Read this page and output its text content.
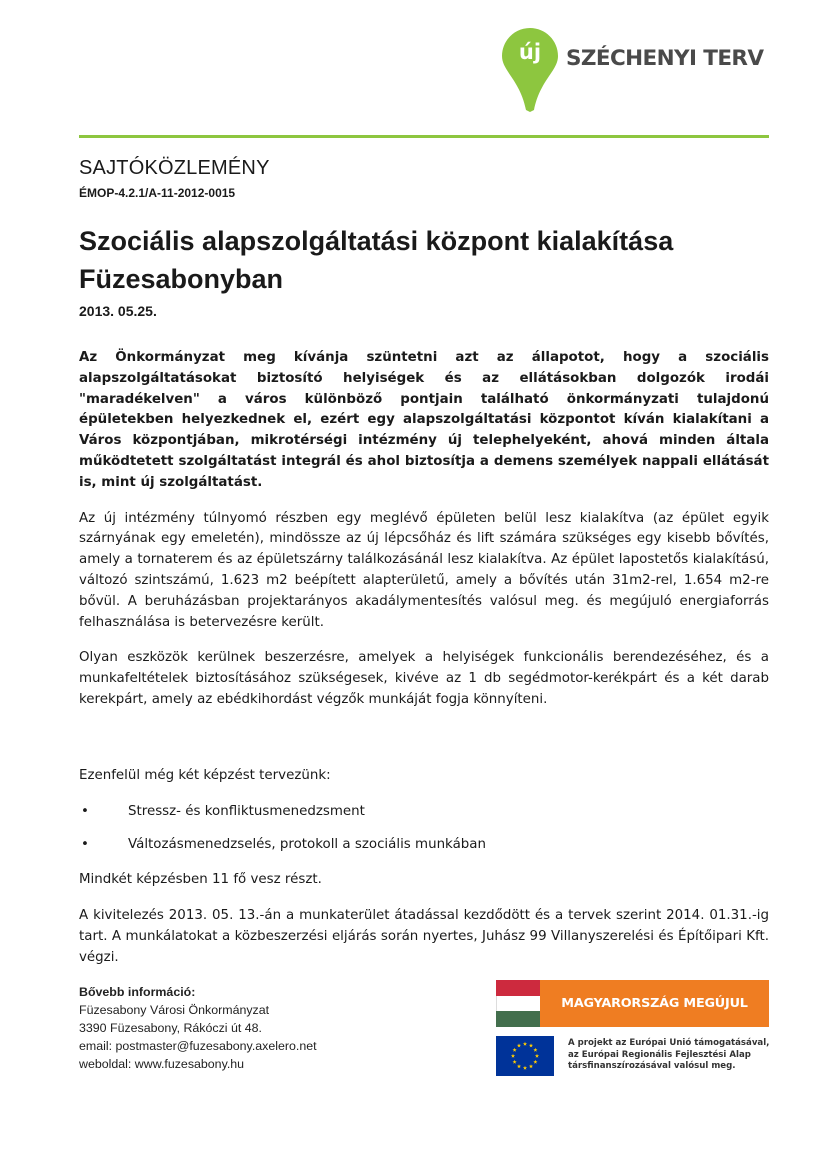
új	SZÉCHENYI TERV
SAJTÓKÖZLEMÉNY
ÉMOP-4.2.1/A-11-2012-0015
Szociális alapszolgáltatási központ kialakítása
Füzesabonyban
2013. 05.25.

Az Önkormányzat meg kívánja szüntetni azt az állapotot, hogy a szociális alapszolgáltatásokat biztosító helyiségek és az ellátásokban dolgozók irodái "maradékelven" a város különböző pontjain található önkormányzati tulajdonú épületekben helyezkednek el, ezért egy alapszolgáltatási központot kíván kialakítani a Város központjában, mikrotérségi intézmény új telephelyeként, ahová minden általa működtetett szolgáltatást integrál és ahol biztosítja a demens személyek nappali ellátását is, mint új szolgáltatást.

Az új intézmény túlnyomó részben egy meglévő épületen belül lesz kialakítva (az épület egyik szárnyának egy emeletén), mindössze az új lépcsőház és lift számára szükséges egy kisebb bővítés, amely a tornaterem és az épületszárny találkozásánál lesz kialakítva. Az épület lapostetős kialakítású, változó szintszámú, 1.623 m2 beépített alapterületű, amely a bővítés után 31m2-rel, 1.654 m2-re bővül. A beruházásban projektarányos akadálymentesítés valósul meg. és megújuló energiaforrás felhasználása is betervezésre került.

Olyan eszközök kerülnek beszerzésre, amelyek a helyiségek funkcionális berendezéséhez, és a munkafeltételek biztosításához szükségesek, kivéve az 1 db segédmotor-kerékpárt és a két darab kerekpárt, amely az ebédkihordást végzők munkáját fogja könnyíteni.

Ezenfelül még két képzést tervezünk:

•	Stressz- és konfliktusmenedzsment
•	Változásmenedzselés, protokoll a szociális munkában

Mindkét képzésben 11 fő vesz részt.

A kivitelezés 2013. 05. 13.-án a munkaterület átadással kezdődött és a tervek szerint 2014. 01.31.-ig tart. A munkálatokat a közbeszerzési eljárás során nyertes, Juhász 99 Villanyszerelési és Építőipari Kft. végzi.

Bővebb információ:
Füzesabony Városi Önkormányzat
3390 Füzesabony, Rákóczi út 48.
email: postmaster@fuzesabony.axelero.net
weboldal: www.fuzesabony.hu
MAGYARORSZÁG MEGÚJUL
A projekt az Európai Unió támogatásával,
az Európai Regionális Fejlesztési Alap
társfinanszírozásával valósul meg.
